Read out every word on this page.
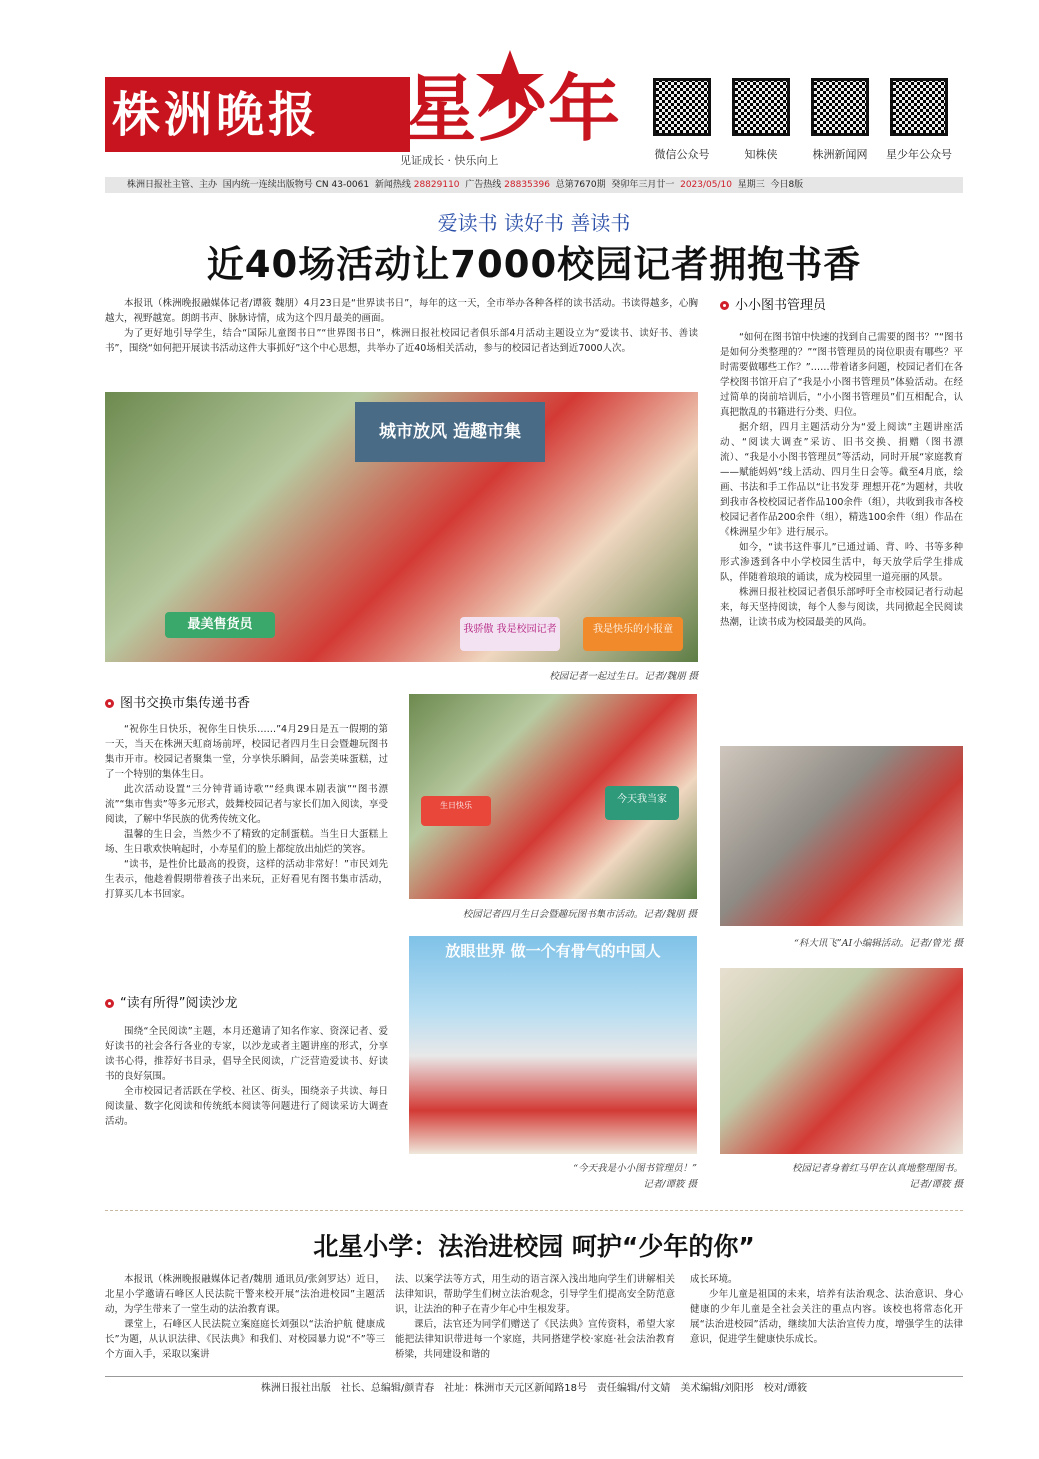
株洲晚报	星少年
见证成长 · 快乐向上	微信公众号	知株侠	株洲新闻网	星少年公众号
株洲日报社主管、主办 国内统一连续出版物号 CN 43-0061 新闻热线 28829110 广告热线 28835396 总第7670期 癸卯年三月廿一 2023/05/10 星期三 今日8版
爱读书 读好书 善读书
近40场活动让7000校园记者拥抱书香

本报讯（株洲晚报融媒体记者/谭筱 魏朋）4月23日是“世界读书日”，每年的这一天，全市举办各种各样的读书活动。书读得越多，心胸越大，视野越宽。朗朗书声、脉脉诗情，成为这个四月最美的画面。

为了更好地引导学生，结合“国际儿童图书日”“世界图书日”，株洲日报社校园记者俱乐部4月活动主题设立为“爱读书、读好书、善读书”，围绕“如何把开展读书活动这件大事抓好”这个中心思想，共举办了近40场相关活动，参与的校园记者达到近7000人次。

城市放风 造趣市集
最美售货员	我骄傲 我是校园记者	我是快乐的小报童
校园记者一起过生日。记者/魏朋 摄
图书交换市集传递书香

“祝你生日快乐，祝你生日快乐……”4月29日是五一假期的第一天，当天在株洲天虹商场前坪，校园记者四月生日会暨趣玩图书集市开市。校园记者聚集一堂，分享快乐瞬间，品尝美味蛋糕，过了一个特别的集体生日。

此次活动设置“三分钟背诵诗歌”“经典课本剧表演”“图书漂流”“集市售卖”等多元形式，鼓舞校园记者与家长们加入阅读，享受阅读，了解中华民族的优秀传统文化。

温馨的生日会，当然少不了精致的定制蛋糕。当生日大蛋糕上场、生日歌欢快响起时，小寿星们的脸上都绽放出灿烂的笑容。

“读书，是性价比最高的投资，这样的活动非常好！”市民刘先生表示，他趁着假期带着孩子出来玩，正好看见有图书集市活动，打算买几本书回家。

“读有所得”阅读沙龙

围绕“全民阅读”主题，本月还邀请了知名作家、资深记者、爱好读书的社会各行各业的专家，以沙龙或者主题讲座的形式，分享读书心得，推荐好书目录，倡导全民阅读，广泛营造爱读书、好读书的良好氛围。

全市校园记者活跃在学校、社区、街头，围绕亲子共读、每日阅读量、数字化阅读和传统纸本阅读等问题进行了阅读采访大调查活动。

生日快乐
今天我当家
校园记者四月生日会暨趣玩图书集市活动。记者/魏朋 摄
放眼世界 做一个有骨气的中国人
“今天我是小小图书管理员！”
记者/谭筱 摄
小小图书管理员

“如何在图书馆中快速的找到自己需要的图书？”“图书是如何分类整理的？”“图书管理员的岗位职责有哪些？平时需要做哪些工作？”……带着诸多问题，校园记者们在各学校图书馆开启了“我是小小图书管理员”体验活动。在经过简单的岗前培训后，“小小图书管理员”们互相配合，认真把散乱的书籍进行分类、归位。

据介绍，四月主题活动分为“爱上阅读”主题讲座活动、“阅读大调查”采访、旧书交换、捐赠（图书漂流）、“我是小小图书管理员”等活动，同时开展“家庭教育——赋能妈妈”线上活动、四月生日会等。截至4月底，绘画、书法和手工作品以“让书发芽 理想开花”为题材，共收到我市各校校园记者作品100余件（组），共收到我市各校校园记者作品200余件（组），精选100余件（组）作品在《株洲星少年》进行展示。

如今，“读书这件事儿”已通过诵、背、吟、书等多种形式渗透到各中小学校园生活中，每天放学后学生排成队，伴随着琅琅的诵读，成为校园里一道亮丽的风景。

株洲日报社校园记者俱乐部呼吁全市校园记者行动起来，每天坚持阅读，每个人参与阅读，共同掀起全民阅读热潮，让读书成为校园最美的风尚。

“科大讯飞”AI小编辑活动。记者/曾光 摄
校园记者身着红马甲在认真地整理图书。
记者/谭筱 摄
北星小学：法治进校园 呵护“少年的你”

本报讯（株洲晚报融媒体记者/魏朋 通讯员/张剑罗达）近日，北星小学邀请石峰区人民法院干警来校开展“法治进校园”主题活动，为学生带来了一堂生动的法治教育课。

课堂上，石峰区人民法院立案庭庭长刘强以“法治护航 健康成长”为题，从认识法律、《民法典》和我们、对校园暴力说“不”等三个方面入手，采取以案讲

法、以案学法等方式，用生动的语言深入浅出地向学生们讲解相关法律知识，帮助学生们树立法治观念，引导学生们提高安全防范意识，让法治的种子在青少年心中生根发芽。

课后，法官还为同学们赠送了《民法典》宣传资料，希望大家能把法律知识带进每一个家庭，共同搭建学校·家庭·社会法治教育桥梁，共同建设和谐的

成长环境。

少年儿童是祖国的未来，培养有法治观念、法治意识、身心健康的少年儿童是全社会关注的重点内容。该校也将常态化开展“法治进校园”活动，继续加大法治宣传力度，增强学生的法律意识，促进学生健康快乐成长。

株洲日报社出版　社长、总编辑/颜青春　社址：株洲市天元区新闻路18号　责任编辑/付文婧　美术编辑/刘阳彤　校对/谭筱
